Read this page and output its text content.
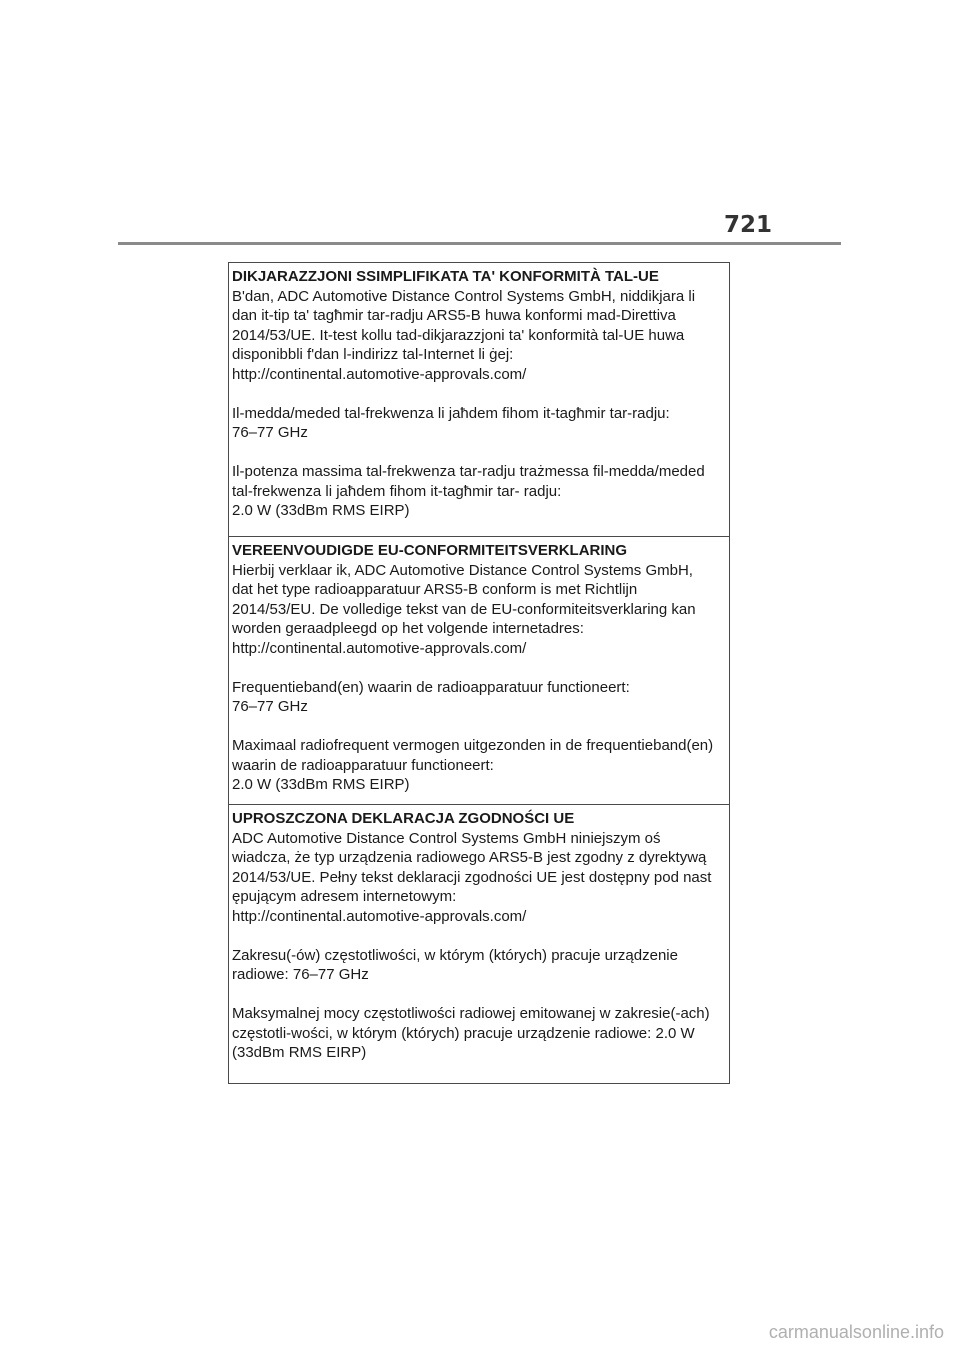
721

DIKJARAZZJONI SSIMPLIFIKATA TA' KONFORMITÀ TAL-UE

B'dan, ADC Automotive Distance Control Systems GmbH, niddikjara li
dan it-tip ta' tagħmir tar-radju ARS5-B huwa konformi mad-Direttiva
2014/53/UE. It-test kollu tad-dikjarazzjoni ta' konformità tal-UE huwa
disponibbli f'dan l-indirizz tal-Internet li ġej:
http://continental.automotive-approvals.com/

Il-medda/meded tal-frekwenza li jaħdem fihom it-tagħmir tar-radju:
76–77 GHz

Il-potenza massima tal-frekwenza tar-radju trażmessa fil-medda/meded
tal-frekwenza li jaħdem fihom it-tagħmir tar- radju:
2.0 W (33dBm RMS EIRP)

VEREENVOUDIGDE EU-CONFORMITEITSVERKLARING

Hierbij verklaar ik, ADC Automotive Distance Control Systems GmbH,
dat het type radioapparatuur ARS5-B conform is met Richtlijn
2014/53/EU. De volledige tekst van de EU-conformiteitsverklaring kan
worden geraadpleegd op het volgende internetadres:
http://continental.automotive-approvals.com/

Frequentieband(en) waarin de radioapparatuur functioneert:
76–77 GHz

Maximaal radiofrequent vermogen uitgezonden in de frequentieband(en)
waarin de radioapparatuur functioneert:
2.0 W (33dBm RMS EIRP)

UPROSZCZONA DEKLARACJA ZGODNOŚCI UE

ADC Automotive Distance Control Systems GmbH niniejszym oś
wiadcza, że typ urządzenia radiowego ARS5-B jest zgodny z dyrektywą
2014/53/UE. Pełny tekst deklaracji zgodności UE jest dostępny pod nast
ępującym adresem internetowym:
http://continental.automotive-approvals.com/

Zakresu(-ów) częstotliwości, w którym (których) pracuje urządzenie
radiowe: 76–77 GHz

Maksymalnej mocy częstotliwości radiowej emitowanej w zakresie(-ach)
częstotli-wości, w którym (których) pracuje urządzenie radiowe: 2.0 W
(33dBm RMS EIRP)

carmanualsonline.info
